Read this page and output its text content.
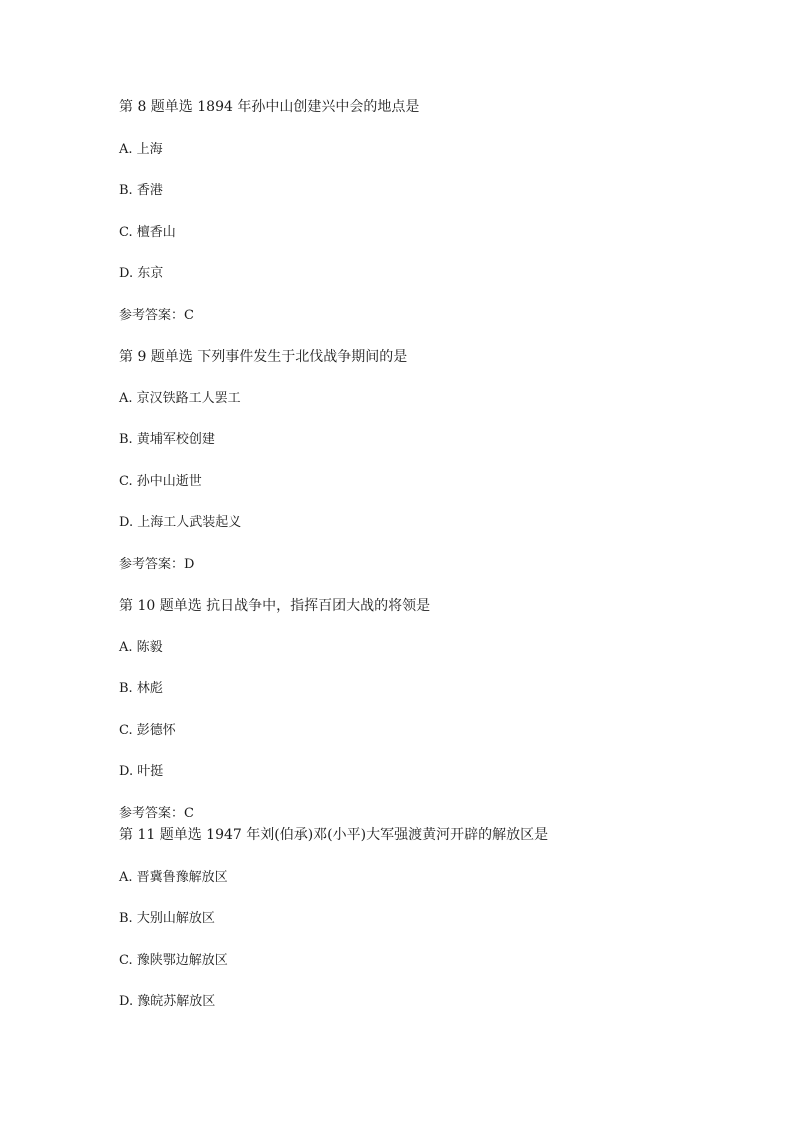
第 8 题单选 1894 年孙中山创建兴中会的地点是
A. 上海
B. 香港
C. 檀香山
D. 东京
参考答案：C
第 9 题单选 下列事件发生于北伐战争期间的是
A. 京汉铁路工人罢工
B. 黄埔军校创建
C. 孙中山逝世
D. 上海工人武装起义
参考答案：D
第 10 题单选 抗日战争中，指挥百团大战的将领是
A. 陈毅
B. 林彪
C. 彭德怀
D. 叶挺
参考答案：C
第 11 题单选 1947 年刘(伯承)邓(小平)大军强渡黄河开辟的解放区是
A. 晋冀鲁豫解放区
B. 大别山解放区
C. 豫陕鄂边解放区
D. 豫皖苏解放区
